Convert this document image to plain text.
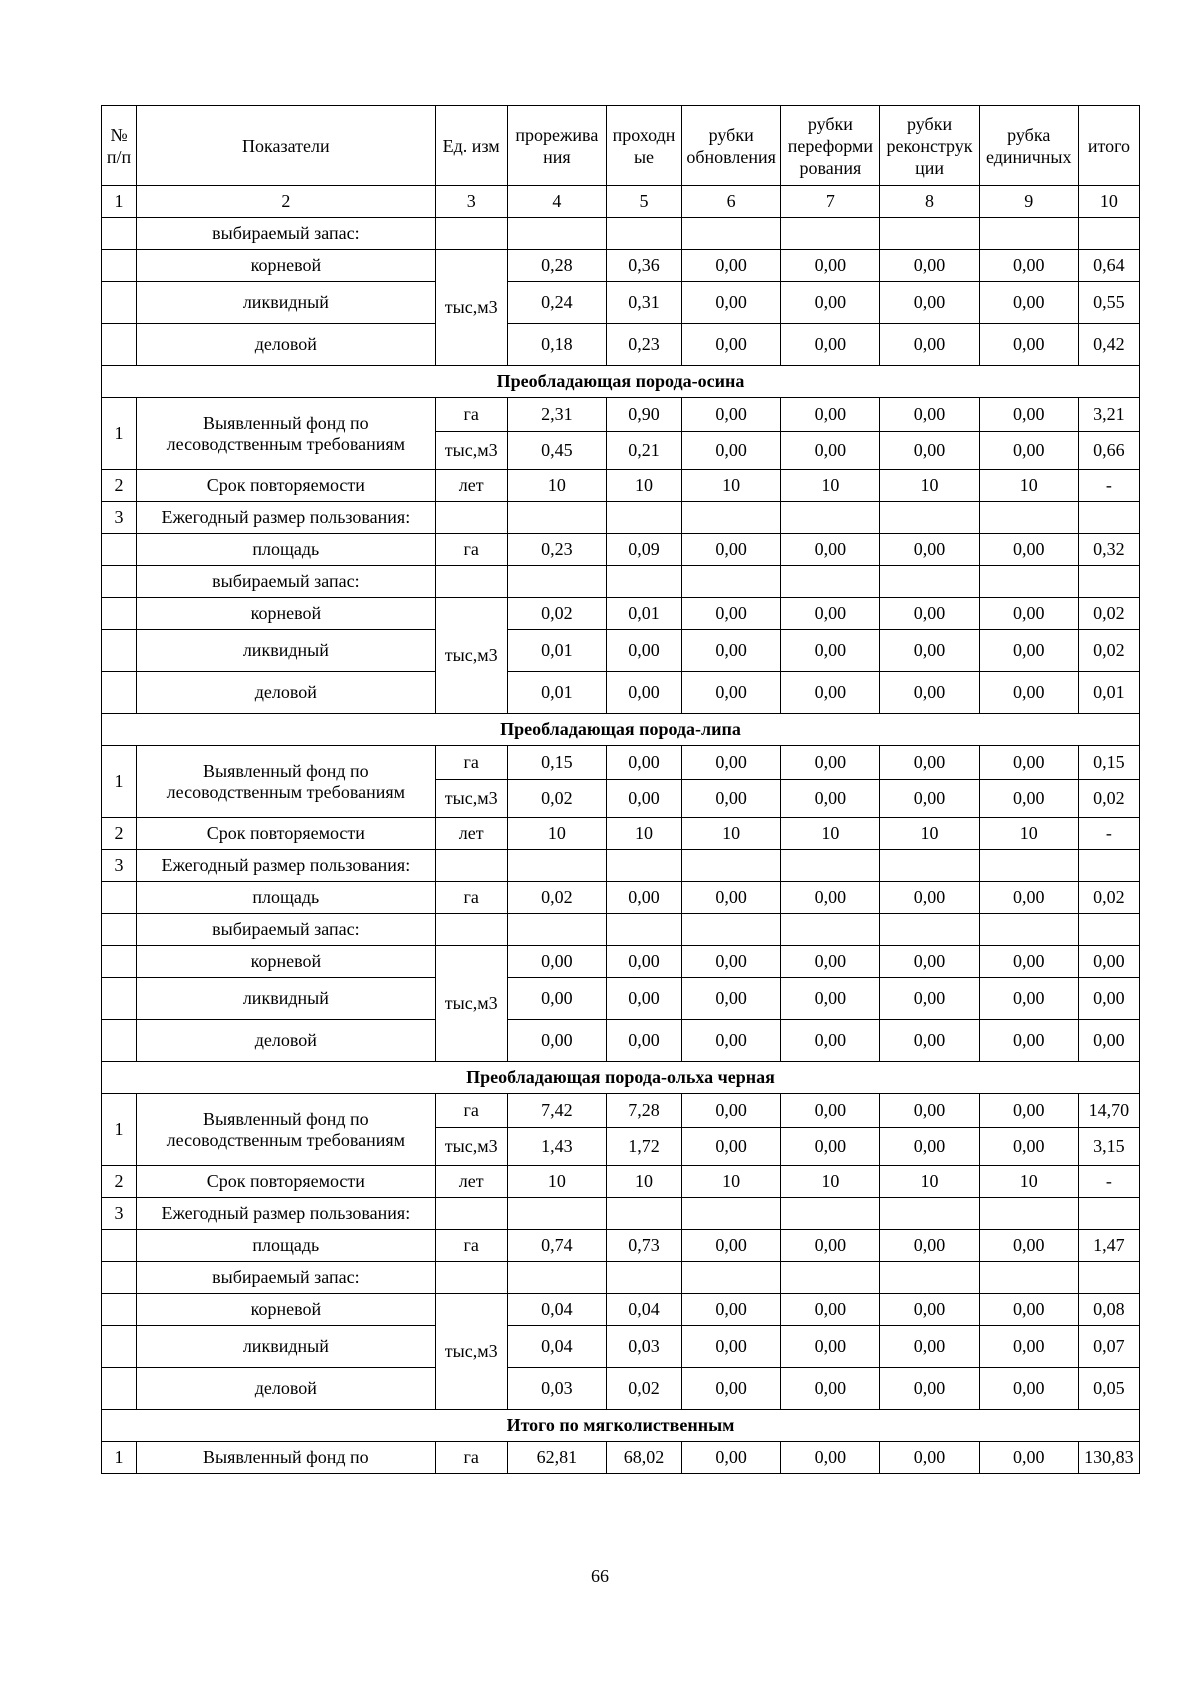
№ п/п	Показатели	Ед. изм	прорежива ния	проходн ые	рубки обновления	рубки переформи рования	рубки реконструк ции	рубка единичных	итого
1	2	3	4	5	6	7	8	9	10
	выбираемый запас:								
	корневой	тыс,м3	0,28	0,36	0,00	0,00	0,00	0,00	0,64
	ликвидный		0,24	0,31	0,00	0,00	0,00	0,00	0,55
	деловой		0,18	0,23	0,00	0,00	0,00	0,00	0,42
Преобладающая порода-осина									
1	Выявленный фонд по лесоводственным требованиям	га	2,31	0,90	0,00	0,00	0,00	0,00	3,21
		тыс,м3	0,45	0,21	0,00	0,00	0,00	0,00	0,66
2	Срок повторяемости	лет	10	10	10	10	10	10	-
3	Ежегодный размер пользования:								
	площадь	га	0,23	0,09	0,00	0,00	0,00	0,00	0,32
	выбираемый запас:								
	корневой	тыс,м3	0,02	0,01	0,00	0,00	0,00	0,00	0,02
	ликвидный		0,01	0,00	0,00	0,00	0,00	0,00	0,02
	деловой		0,01	0,00	0,00	0,00	0,00	0,00	0,01
Преобладающая порода-липа									
1	Выявленный фонд по лесоводственным требованиям	га	0,15	0,00	0,00	0,00	0,00	0,00	0,15
		тыс,м3	0,02	0,00	0,00	0,00	0,00	0,00	0,02
2	Срок повторяемости	лет	10	10	10	10	10	10	-
3	Ежегодный размер пользования:								
	площадь	га	0,02	0,00	0,00	0,00	0,00	0,00	0,02
	выбираемый запас:								
	корневой	тыс,м3	0,00	0,00	0,00	0,00	0,00	0,00	0,00
	ликвидный		0,00	0,00	0,00	0,00	0,00	0,00	0,00
	деловой		0,00	0,00	0,00	0,00	0,00	0,00	0,00
Преобладающая порода-ольха черная									
1	Выявленный фонд по лесоводственным требованиям	га	7,42	7,28	0,00	0,00	0,00	0,00	14,70
		тыс,м3	1,43	1,72	0,00	0,00	0,00	0,00	3,15
2	Срок повторяемости	лет	10	10	10	10	10	10	-
3	Ежегодный размер пользования:								
	площадь	га	0,74	0,73	0,00	0,00	0,00	0,00	1,47
	выбираемый запас:								
	корневой	тыс,м3	0,04	0,04	0,00	0,00	0,00	0,00	0,08
	ликвидный		0,04	0,03	0,00	0,00	0,00	0,00	0,07
	деловой		0,03	0,02	0,00	0,00	0,00	0,00	0,05
Итого по мягколиственным									
1	Выявленный фонд по	га	62,81	68,02	0,00	0,00	0,00	0,00	130,83
66
